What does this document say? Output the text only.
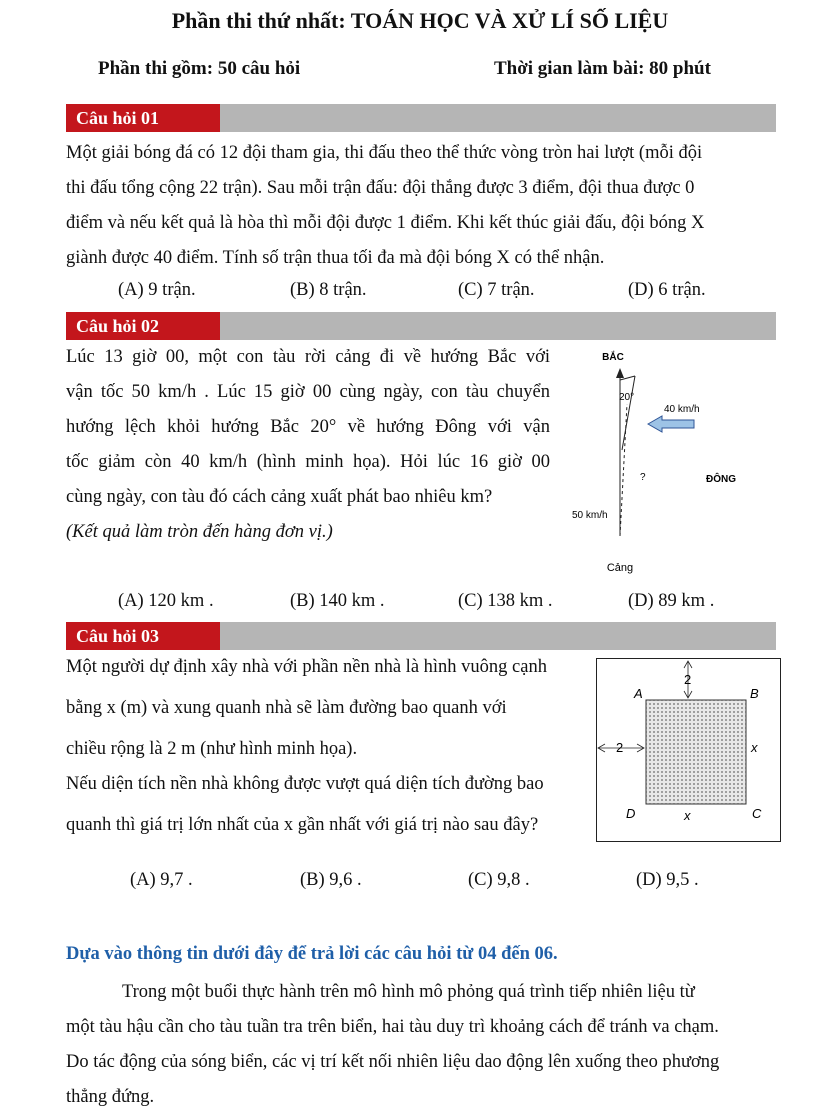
Phần thi thứ nhất: TOÁN HỌC VÀ XỬ LÍ SỐ LIỆU
Phần thi gồm: 50 câu hỏi	Thời gian làm bài: 80 phút
Câu hỏi 01
Một giải bóng đá có 12 đội tham gia, thi đấu theo thể thức vòng tròn hai lượt (mỗi đội
thi đấu tổng cộng 22 trận). Sau mỗi trận đấu: đội thắng được 3 điểm, đội thua được 0
điểm và nếu kết quả là hòa thì mỗi đội được 1 điểm. Khi kết thúc giải đấu, đội bóng X
giành được 40 điểm. Tính số trận thua tối đa mà đội bóng X có thể nhận.
(A) 9 trận.	(B) 8 trận.	(C) 7 trận.	(D) 6 trận.
Câu hỏi 02
Lúc 13 giờ 00, một con tàu rời cảng đi về hướng Bắc với
vận tốc 50 km/h . Lúc 15 giờ 00 cùng ngày, con tàu chuyển
hướng lệch khỏi hướng Bắc 20° về hướng Đông với vận
tốc giảm còn 40 km/h (hình minh họa). Hỏi lúc 16 giờ 00
cùng ngày, con tàu đó cách cảng xuất phát bao nhiêu km?
(Kết quả làm tròn đến hàng đơn vị.)
BẮC
20°
40 km/h
?	ĐÔNG
50 km/h
Cảng
(A) 120 km .	(B) 140 km .	(C) 138 km .	(D) 89 km .
Câu hỏi 03
Một người dự định xây nhà với phần nền nhà là hình vuông cạnh
bằng x (m) và xung quanh nhà sẽ làm đường bao quanh với
chiều rộng là 2 m (như hình minh họa).
Nếu diện tích nền nhà không được vượt quá diện tích đường bao
quanh thì giá trị lớn nhất của x gần nhất với giá trị nào sau đây?
A	B
C
D
2
2	x
x
(A) 9,7 .	(B) 9,6 .	(C) 9,8 .	(D) 9,5 .
Dựa vào thông tin dưới đây để trả lời các câu hỏi từ 04 đến 06.
Trong một buổi thực hành trên mô hình mô phỏng quá trình tiếp nhiên liệu từ
một tàu hậu cần cho tàu tuần tra trên biển, hai tàu duy trì khoảng cách để tránh va chạm.
Do tác động của sóng biển, các vị trí kết nối nhiên liệu dao động lên xuống theo phương
thẳng đứng.
